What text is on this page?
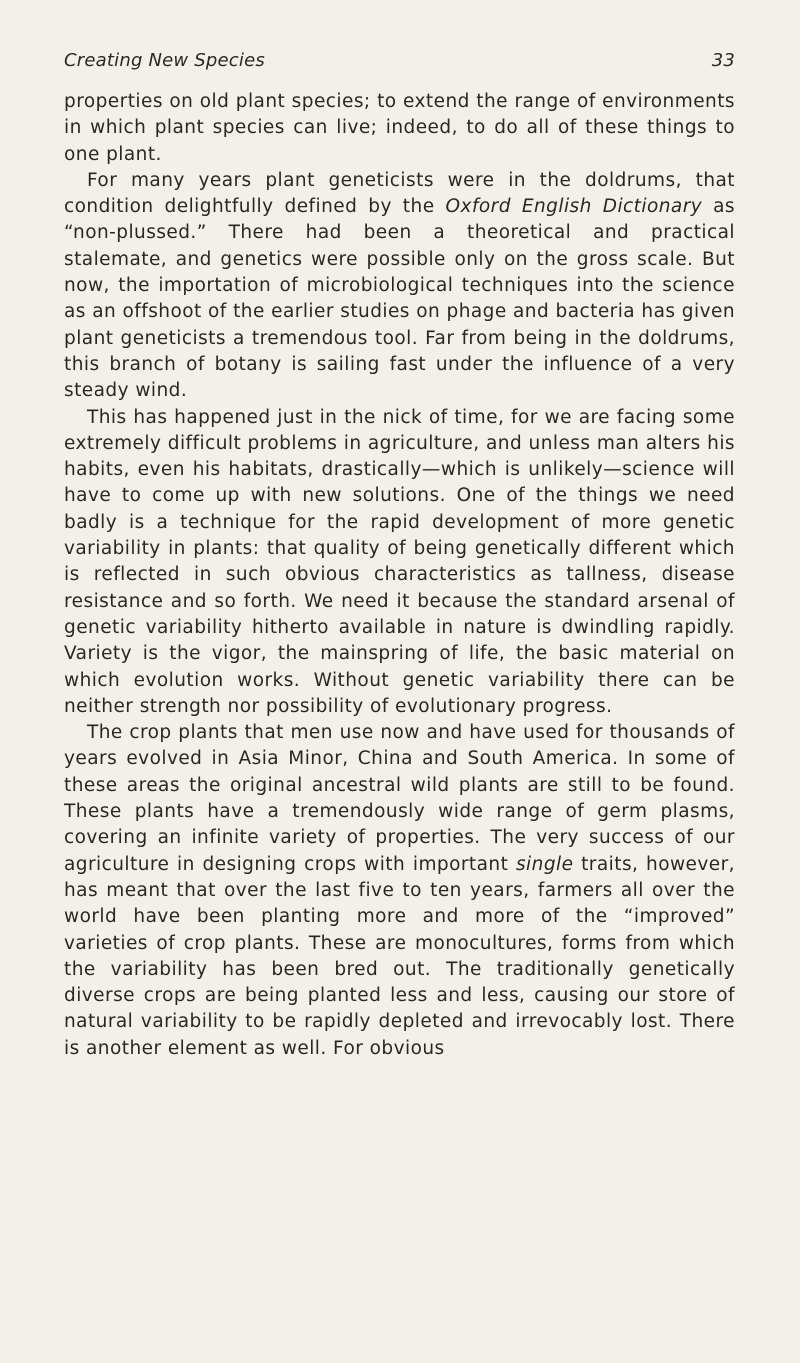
Creating New Species	33

properties on old plant species; to extend the range of environments in which plant species can live; indeed, to do all of these things to one plant.

For many years plant geneticists were in the doldrums, that condition delightfully defined by the Oxford English Dictionary as “non-plussed.” There had been a theoretical and practical stalemate, and genetics were possible only on the gross scale. But now, the importation of microbiological techniques into the science as an offshoot of the earlier studies on phage and bacteria has given plant geneticists a tremendous tool. Far from being in the doldrums, this branch of botany is sailing fast under the influence of a very steady wind.

This has happened just in the nick of time, for we are facing some extremely difficult problems in agriculture, and unless man alters his habits, even his habitats, drastically—which is unlikely—science will have to come up with new solutions. One of the things we need badly is a technique for the rapid development of more genetic variability in plants: that quality of being genetically different which is reflected in such obvious characteristics as tallness, disease resistance and so forth. We need it because the standard arsenal of genetic variability hitherto available in nature is dwindling rapidly. Variety is the vigor, the mainspring of life, the basic material on which evolution works. Without genetic variability there can be neither strength nor possibility of evolutionary progress.

The crop plants that men use now and have used for thousands of years evolved in Asia Minor, China and South America. In some of these areas the original ancestral wild plants are still to be found. These plants have a tremendously wide range of germ plasms, covering an infinite variety of properties. The very success of our agriculture in designing crops with important single traits, however, has meant that over the last five to ten years, farmers all over the world have been planting more and more of the “improved” varieties of crop plants. These are monocultures, forms from which the variability has been bred out. The traditionally genetically diverse crops are being planted less and less, causing our store of natural variability to be rapidly depleted and irrevocably lost. There is another element as well. For obvious
